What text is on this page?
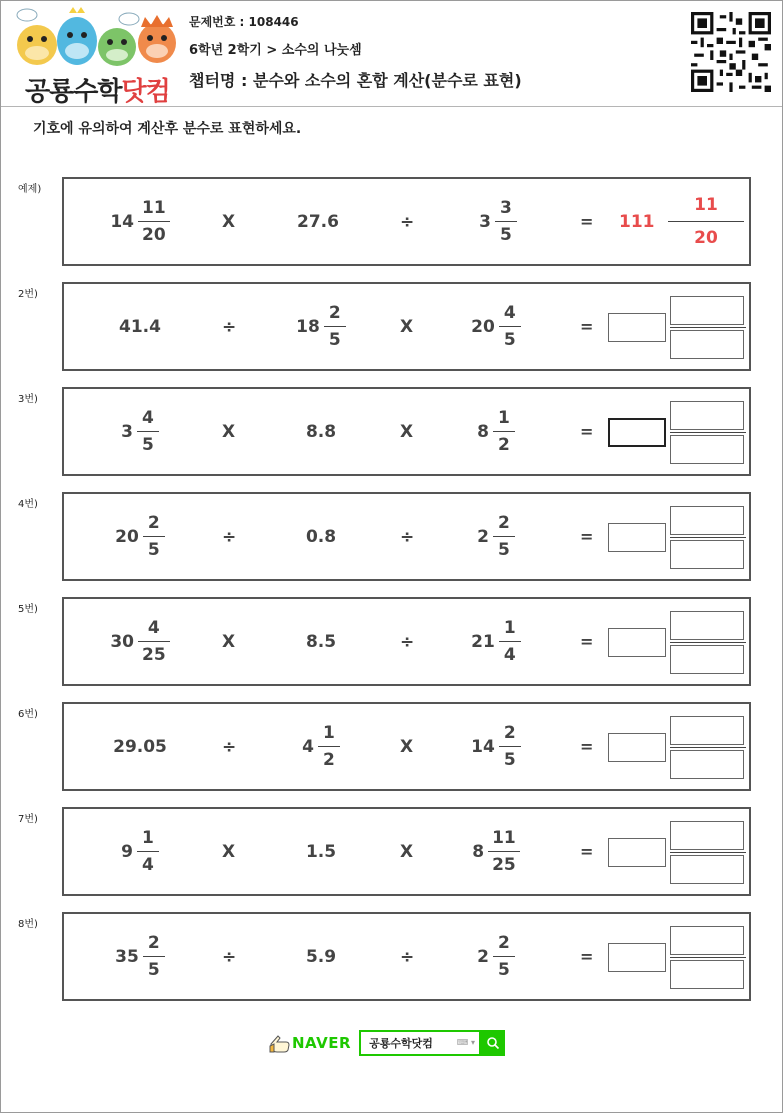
공룡수학닷컴
문제번호 : 108446
6학년 2학기 > 소수의 나눗셈
챕터명 : 분수와 소수의 혼합 계산(분수로 표현)
기호에 유의하여 계산후 분수로 표현하세요.
예제)
$14 \frac{11}{20}$	X	27.6	÷	$3 \frac{3}{5}$	= 111
11
20
2번)
41.4	$18 \frac{2}{5}$	$20 \frac{4}{5}$
÷	X	=
3번)
$3 \frac{4}{5}$	8.8	$8 \frac{1}{2}$
X	X	=
4번)
$20 \frac{2}{5}$	0.8	$2 \frac{2}{5}$
÷	÷	=
5번)
$30 \frac{4}{25}$	8.5	$21 \frac{1}{4}$
X	÷	=
6번)
29.05	$4 \frac{1}{2}$	$14 \frac{2}{5}$
÷	X	=
7번)
$9 \frac{1}{4}$	1.5	$8 \frac{11}{25}$
X	X	=
8번)
$35 \frac{2}{5}$	5.9	$2 \frac{2}{5}$
÷	÷	=
NAVER 공룡수학닷컴	⌨ ▾
